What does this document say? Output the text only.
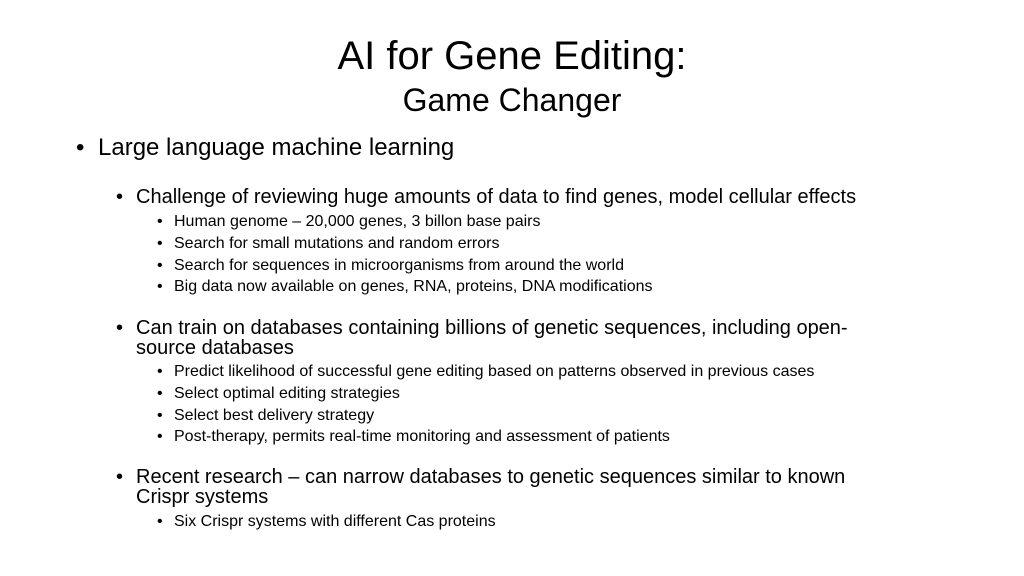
AI for Gene Editing:
Game Changer
• Large language machine learning
• Challenge of reviewing huge amounts of data to find genes, model cellular effects
• Human genome – 20,000 genes, 3 billon base pairs
• Search for small mutations and random errors
• Search for sequences in microorganisms from around the world
• Big data now available on genes, RNA, proteins, DNA modifications
• Can train on databases containing billions of genetic sequences, including open-source databases
• Predict likelihood of successful gene editing based on patterns observed in previous cases
• Select optimal editing strategies
• Select best delivery strategy
• Post-therapy, permits real-time monitoring and assessment of patients
• Recent research – can narrow databases to genetic sequences similar to known Crispr systems
• Six Crispr systems with different Cas proteins
